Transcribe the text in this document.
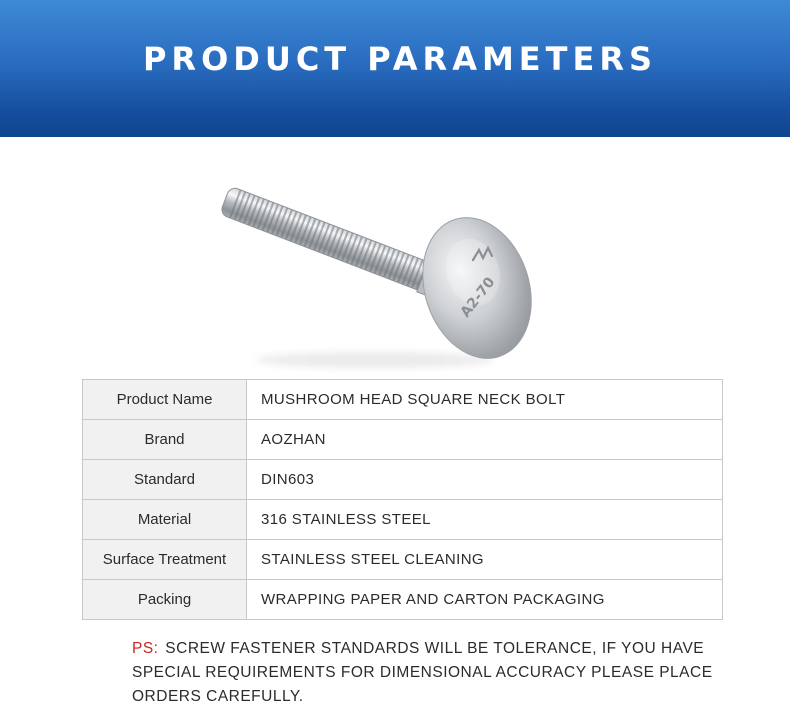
PRODUCT PARAMETERS
A2-70
Product Name	MUSHROOM HEAD SQUARE NECK BOLT
Brand	AOZHAN
Standard	DIN603
Material	316 STAINLESS STEEL
Surface Treatment	STAINLESS STEEL CLEANING
Packing	WRAPPING PAPER AND CARTON PACKAGING

PS: SCREW FASTENER STANDARDS WILL BE TOLERANCE, IF YOU HAVE SPECIAL REQUIREMENTS FOR DIMENSIONAL ACCURACY PLEASE PLACE ORDERS CAREFULLY.
